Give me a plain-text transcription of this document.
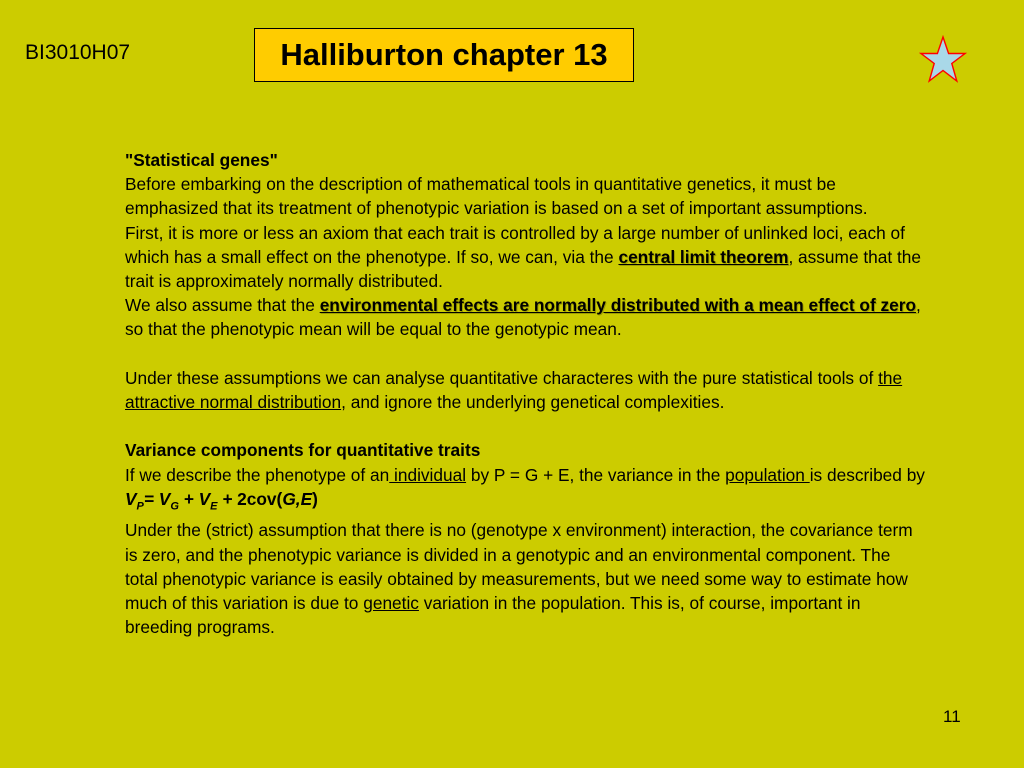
BI3010H07	Halliburton chapter 13
"Statistical genes"
Before embarking on the description of mathematical tools in quantitative genetics, it must be emphasized that its treatment of phenotypic variation is based on a set of important assumptions.
First, it is more or less an axiom that each trait is controlled by a large number of unlinked loci, each of which has a small effect on the phenotype. If so, we can, via the central limit theorem, assume that the trait is approximately normally distributed.
We also assume that the environmental effects are normally distributed with a mean effect of zero, so that the phenotypic mean will be equal to the genotypic mean.
Under these assumptions we can analyse quantitative characteres with the pure statistical tools of the attractive normal distribution, and ignore the underlying genetical complexities.
Variance components for quantitative traits
If we describe the phenotype of an individual by P = G + E, the variance in the population is described by
$V_P= V_G + V_E + 2cov(G,E)$
Under the (strict) assumption that there is no (genotype x environment) interaction, the covariance term is zero, and the phenotypic variance is divided in a genotypic and an environmental component. The total phenotypic variance is easily obtained by measurements, but we need some way to estimate how much of this variation is due to genetic variation in the population. This is, of course, important in breeding programs.
11
